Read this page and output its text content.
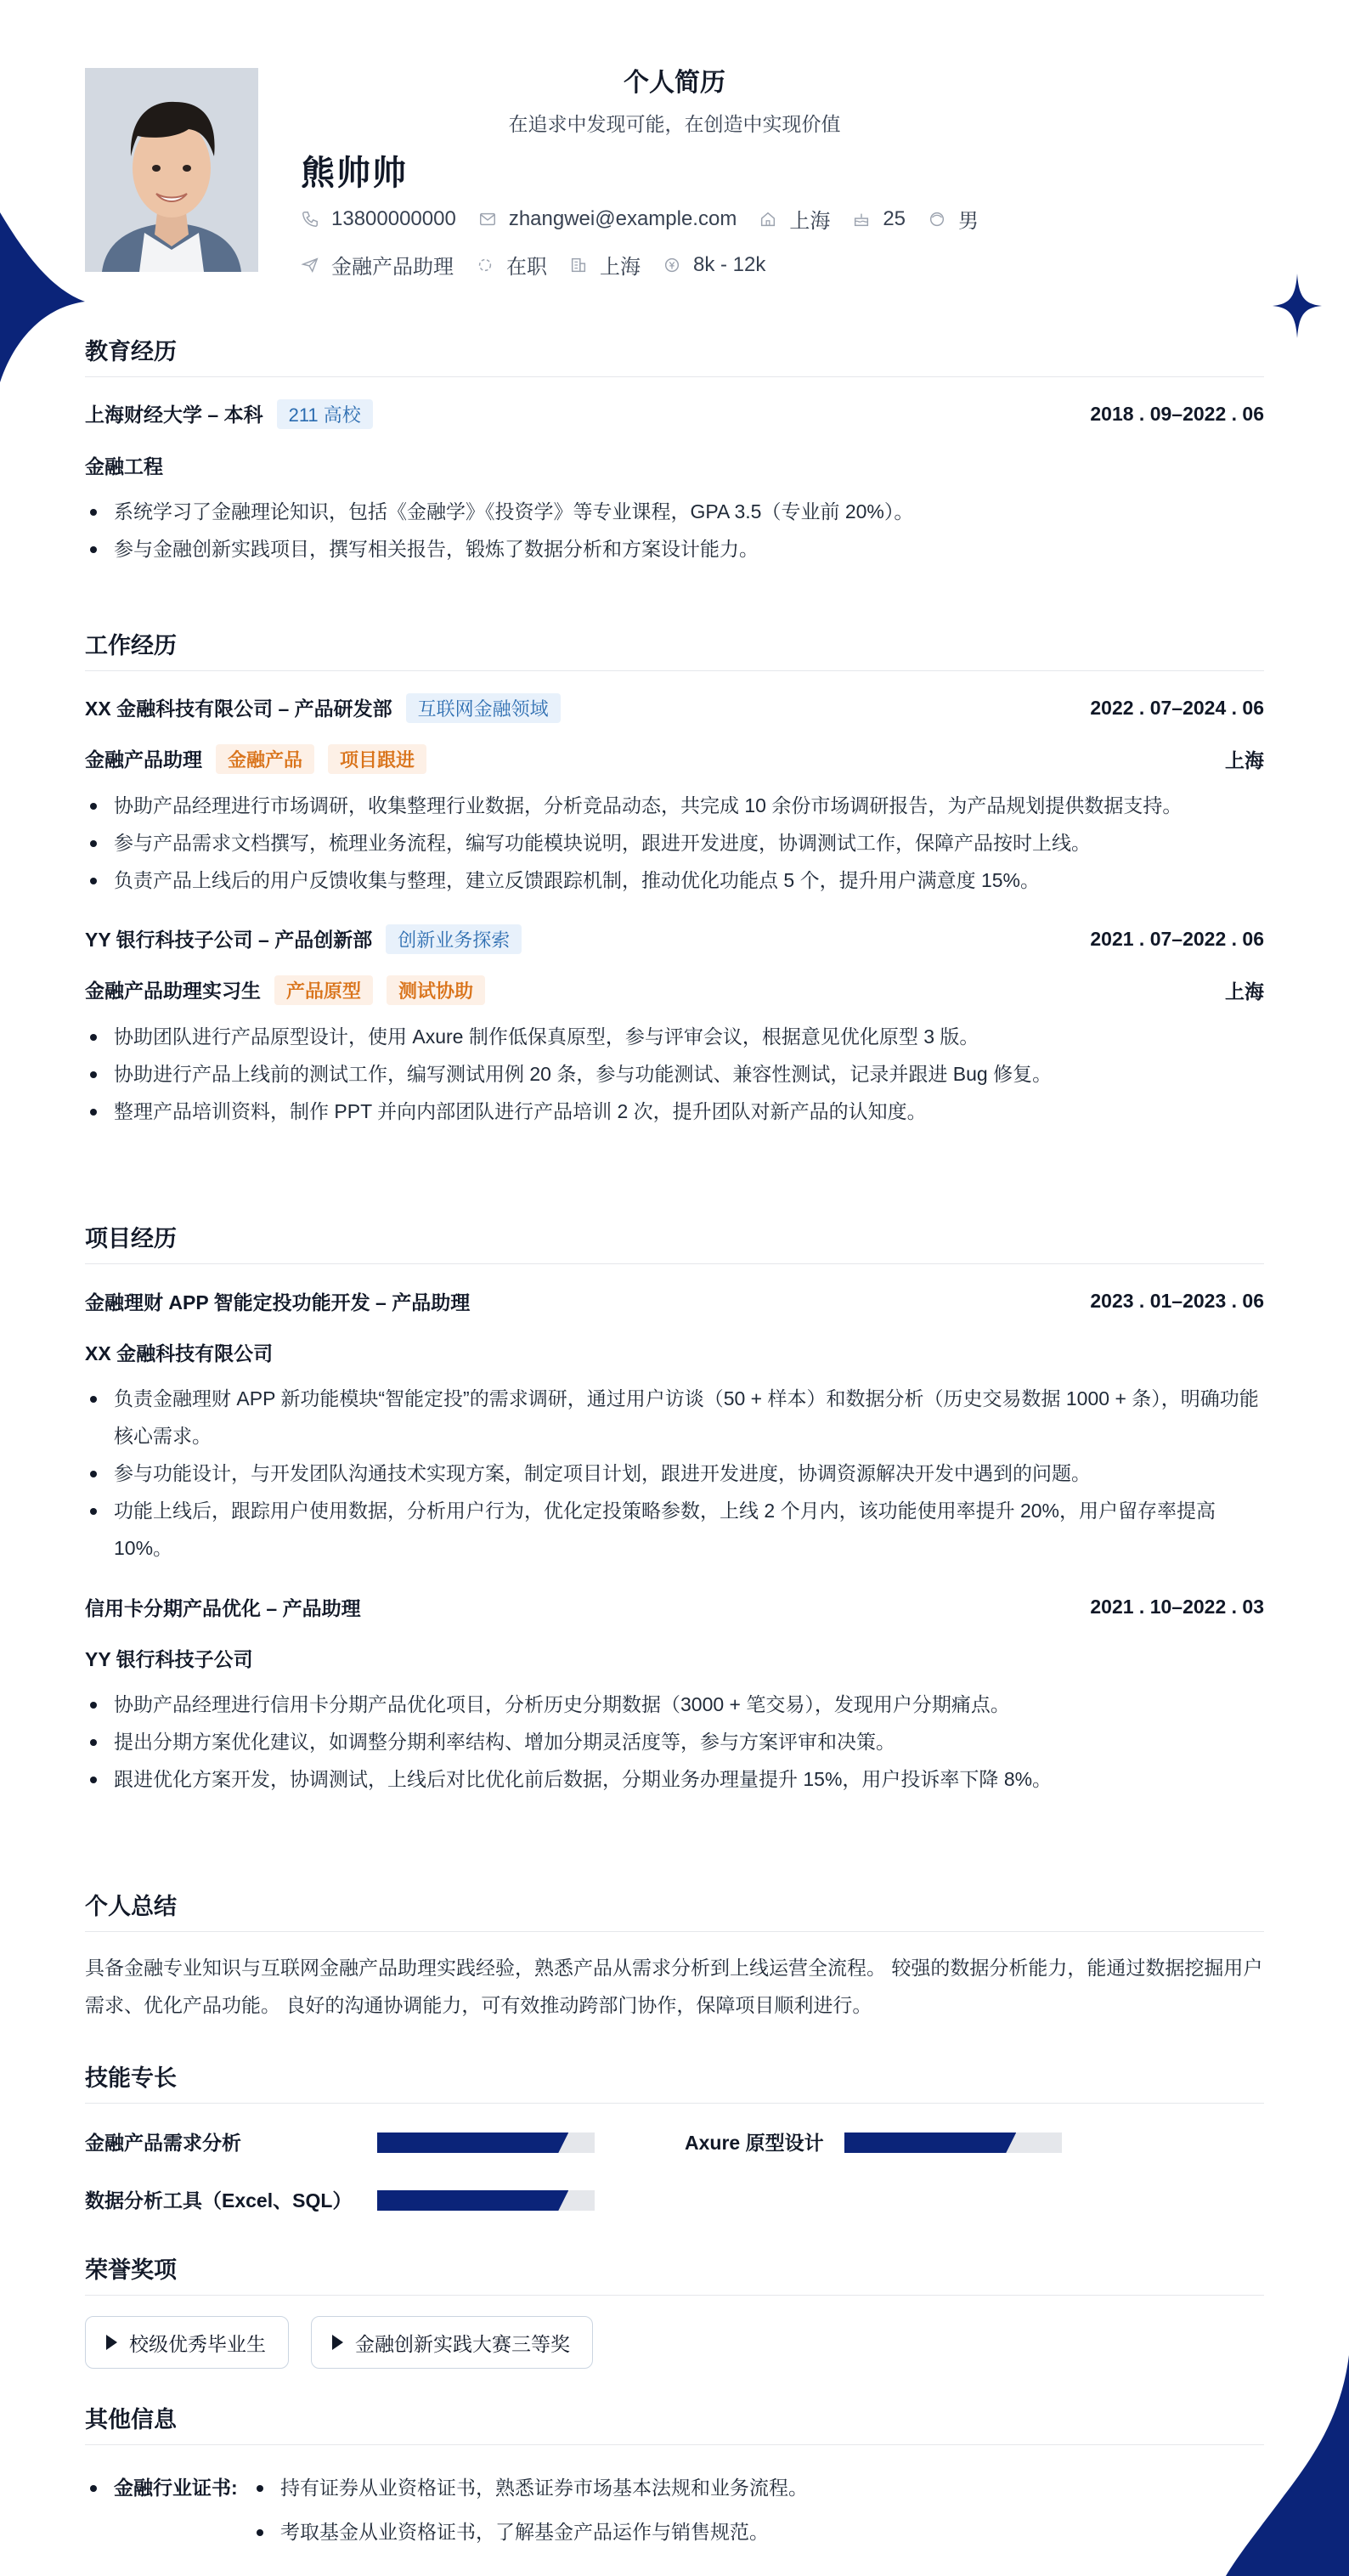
个人简历
在追求中发现可能，在创造中实现价值
熊帅帅
13800000000	zhangwei@example.com	上海	25	男
金融产品助理	在职	上海	8k - 12k
教育经历
上海财经大学 – 本科 211 高校	2018 . 09–2022 . 06
金融工程
系统学习了金融理论知识，包括《金融学》《投资学》等专业课程，GPA 3.5（专业前 20%）。
参与金融创新实践项目，撰写相关报告，锻炼了数据分析和方案设计能力。
工作经历
XX 金融科技有限公司 – 产品研发部 互联网金融领域	2022 . 07–2024 . 06
金融产品助理 金融产品 项目跟进	上海
协助产品经理进行市场调研，收集整理行业数据，分析竞品动态，共完成 10 余份市场调研报告，为产品规划提供数据支持。
参与产品需求文档撰写，梳理业务流程，编写功能模块说明，跟进开发进度，协调测试工作，保障产品按时上线。
负责产品上线后的用户反馈收集与整理，建立反馈跟踪机制，推动优化功能点 5 个，提升用户满意度 15%。
YY 银行科技子公司 – 产品创新部 创新业务探索	2021 . 07–2022 . 06
金融产品助理实习生 产品原型 测试协助	上海
协助团队进行产品原型设计，使用 Axure 制作低保真原型，参与评审会议，根据意见优化原型 3 版。
协助进行产品上线前的测试工作，编写测试用例 20 条，参与功能测试、兼容性测试，记录并跟进 Bug 修复。
整理产品培训资料，制作 PPT 并向内部团队进行产品培训 2 次，提升团队对新产品的认知度。
项目经历
金融理财 APP 智能定投功能开发 – 产品助理	2023 . 01–2023 . 06
XX 金融科技有限公司
负责金融理财 APP 新功能模块“智能定投”的需求调研，通过用户访谈（50 + 样本）和数据分析（历史交易数据 1000 + 条），明确功能核心需求。
参与功能设计，与开发团队沟通技术实现方案，制定项目计划，跟进开发进度，协调资源解决开发中遇到的问题。
功能上线后，跟踪用户使用数据，分析用户行为，优化定投策略参数，上线 2 个月内，该功能使用率提升 20%，用户留存率提高 10%。
信用卡分期产品优化 – 产品助理	2021 . 10–2022 . 03
YY 银行科技子公司
协助产品经理进行信用卡分期产品优化项目，分析历史分期数据（3000 + 笔交易），发现用户分期痛点。
提出分期方案优化建议，如调整分期利率结构、增加分期灵活度等，参与方案评审和决策。
跟进优化方案开发，协调测试，上线后对比优化前后数据，分期业务办理量提升 15%，用户投诉率下降 8%。
个人总结
具备金融专业知识与互联网金融产品助理实践经验，熟悉产品从需求分析到上线运营全流程。 较强的数据分析能力，能通过数据挖掘用户需求、优化产品功能。 良好的沟通协调能力，可有效推动跨部门协作，保障项目顺利进行。
技能专长
金融产品需求分析	Axure 原型设计
数据分析工具（Excel、SQL）
荣誉奖项
校级优秀毕业生	金融创新实践大赛三等奖
其他信息
金融行业证书:	持有证券从业资格证书，熟悉证券市场基本法规和业务流程。
考取基金从业资格证书，了解基金产品运作与销售规范。
